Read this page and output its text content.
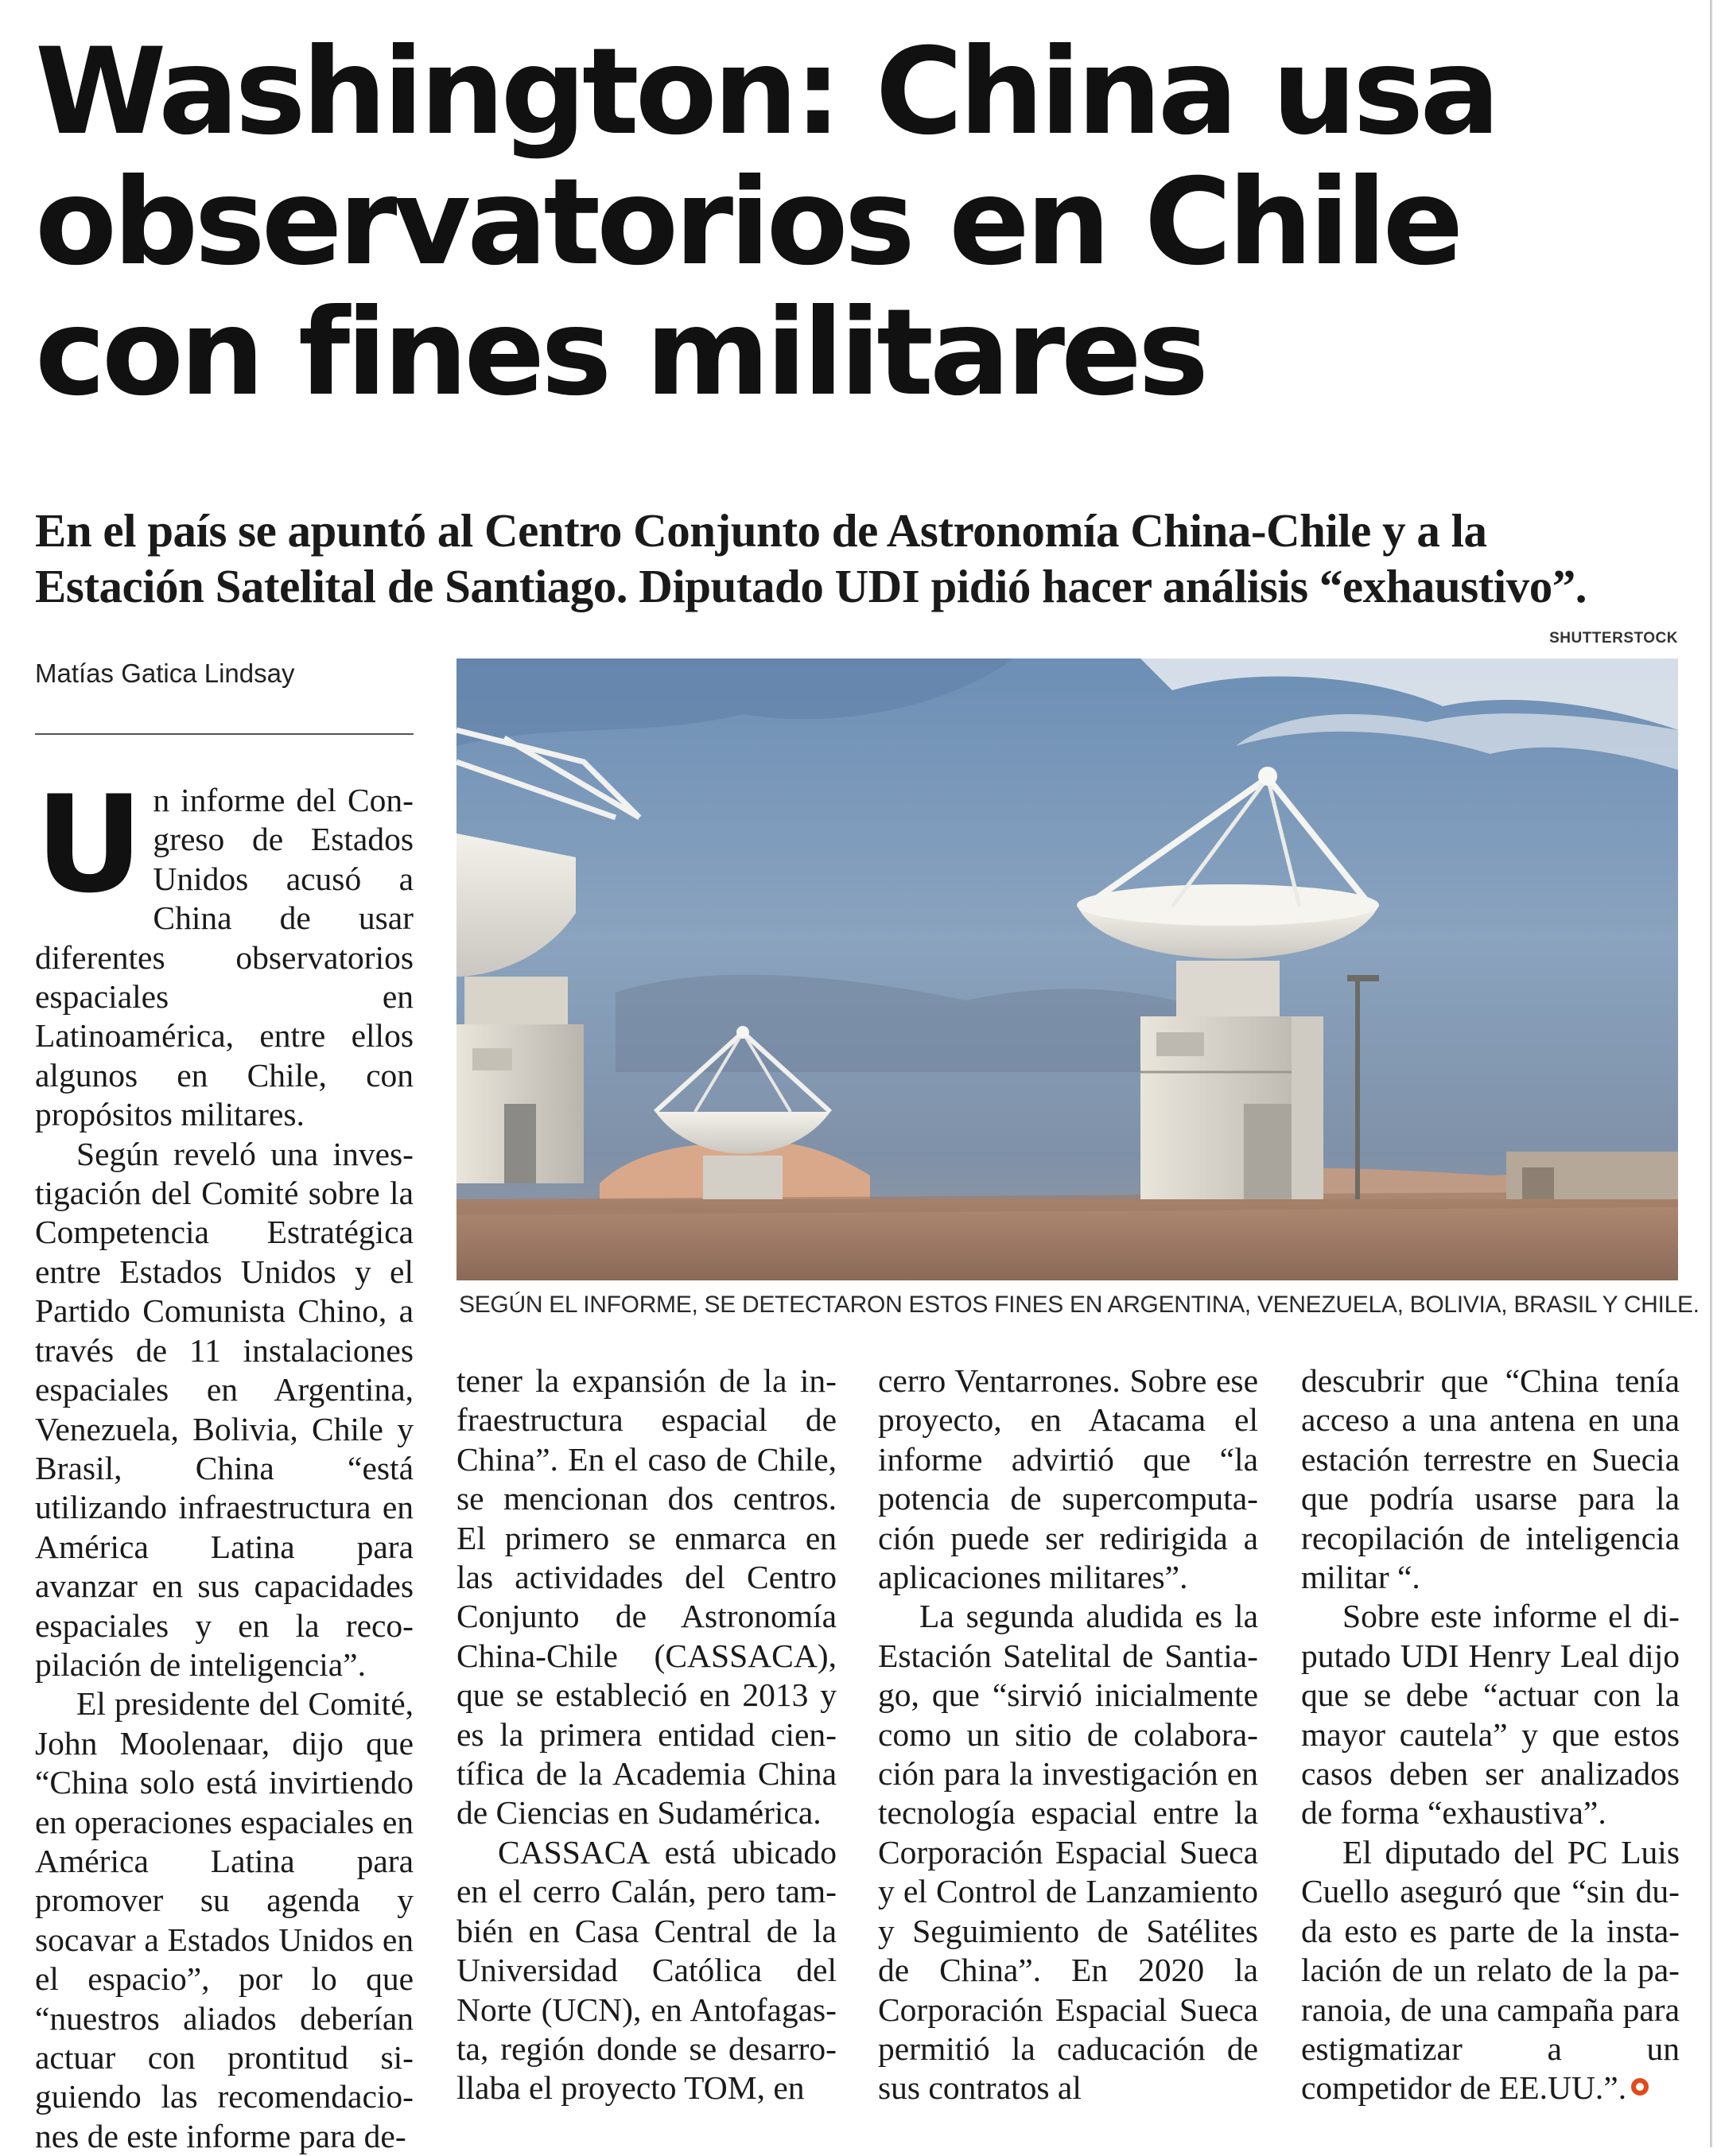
Washington: China usa
observatorios en Chile
con fines militares
En el país se apuntó al Centro Conjunto de Astronomía China-Chile y a la
Estación Satelital de Santiago. Diputado UDI pidió hacer análisis “exhaustivo”.
SHUTTERSTOCK
Matías Gatica Lindsay
SEGÚN EL INFORME, SE DETECTARON ESTOS FINES EN ARGENTINA, VENEZUELA, BOLIVIA, BRASIL Y CHILE.

Un informe del Congreso de Estados Unidos acusó a China de usar diferentes observatorios espaciales en Latinoamérica, entre ellos algunos en Chile, con propósitos militares.

Según reveló una investigación del Comité sobre la Competencia Estratégica entre Estados Unidos y el Partido Comunista Chino, a través de 11 instalaciones espaciales en Argentina, Venezuela, Bolivia, Chile y Brasil, China “está utilizando infraestructura en América Latina para avanzar en sus capacidades espaciales y en la recopilación de inteligencia”.

El presidente del Comité, John Moolenaar, dijo que “China solo está invirtiendo en operaciones espaciales en América Latina para promover su agenda y socavar a Estados Unidos en el espacio”, por lo que “nuestros aliados deberían actuar con prontitud siguiendo las recomendaciones de este informe para de-

tener la expansión de la infraestructura espacial de China”. En el caso de Chile, se mencionan dos centros. El primero se enmarca en las actividades del Centro Conjunto de Astronomía China-Chile (CASSACA), que se estableció en 2013 y es la primera entidad científica de la Academia China de Ciencias en Sudamérica.

CASSACA está ubicado en el cerro Calán, pero también en Casa Central de la Universidad Católica del Norte (UCN), en Antofagasta, región donde se desarrollaba el proyecto TOM, en

cerro Ventarrones. Sobre ese proyecto, en Atacama el informe advirtió que “la potencia de supercomputación puede ser redirigida a aplicaciones militares”.

La segunda aludida es la Estación Satelital de Santiago, que “sirvió inicialmente como un sitio de colaboración para la investigación en tecnología espacial entre la Corporación Espacial Sueca y el Control de Lanzamiento y Seguimiento de Satélites de China”. En 2020 la Corporación Espacial Sueca permitió la caducación de sus contratos al

descubrir que “China tenía acceso a una antena en una estación terrestre en Suecia que podría usarse para la recopilación de inteligencia militar “.

Sobre este informe el diputado UDI Henry Leal dijo que se debe “actuar con la mayor cautela” y que estos casos deben ser analizados de forma “exhaustiva”.

El diputado del PC Luis Cuello aseguró que “sin duda esto es parte de la instalación de un relato de la paranoia, de una campaña para estigmatizar a un competidor de EE.UU.”.
